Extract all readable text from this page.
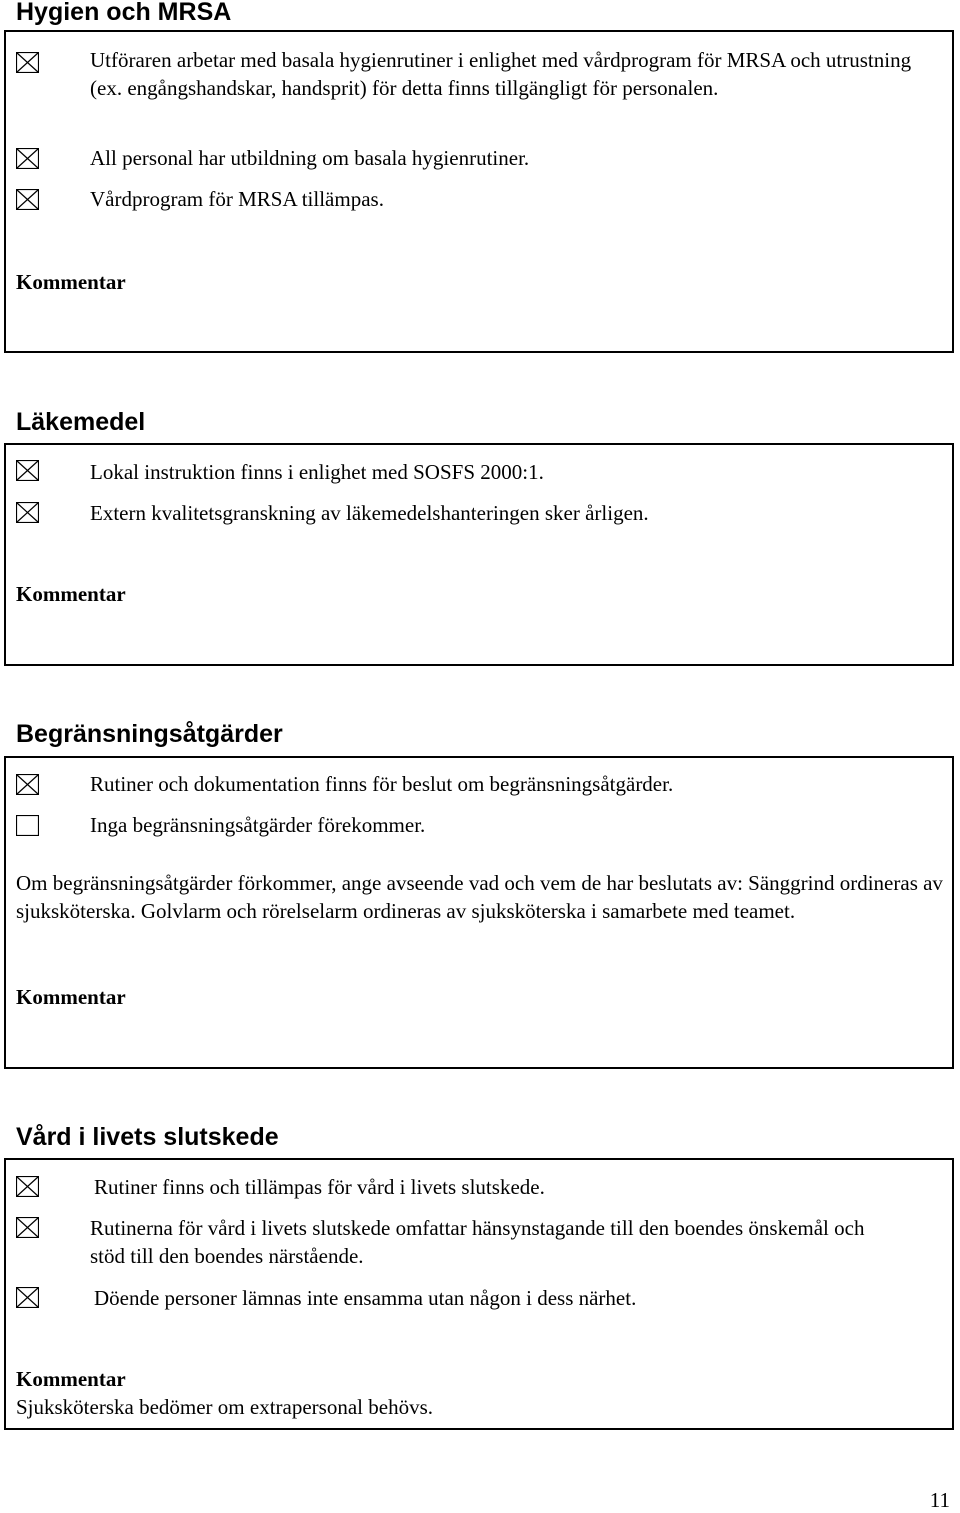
Hygien och MRSA

Utföraren arbetar med basala hygienrutiner i enlighet med vårdprogram för MRSA och utrustning (ex. engångshandskar, handsprit) för detta finns tillgängligt för personalen.

All personal har utbildning om basala hygienrutiner.

Vårdprogram för MRSA tillämpas.

Kommentar

Läkemedel

Lokal instruktion finns i enlighet med SOSFS 2000:1.

Extern kvalitetsgranskning av läkemedelshanteringen sker årligen.

Kommentar

Begränsningsåtgärder

Rutiner och dokumentation finns för beslut om begränsningsåtgärder.

Inga begränsningsåtgärder förekommer.

Om begränsningsåtgärder förkommer, ange avseende vad och vem de har beslutats av: Sänggrind ordineras av sjuksköterska. Golvlarm och rörelselarm ordineras av sjuksköterska i samarbete med teamet.

Kommentar

Vård i livets slutskede

Rutiner finns och tillämpas för vård i livets slutskede.

Rutinerna för vård i livets slutskede omfattar hänsynstagande till den boendes önskemål och stöd till den boendes närstående.

Döende personer lämnas inte ensamma utan någon i dess närhet.

Kommentar

Sjuksköterska bedömer om extrapersonal behövs.

11
